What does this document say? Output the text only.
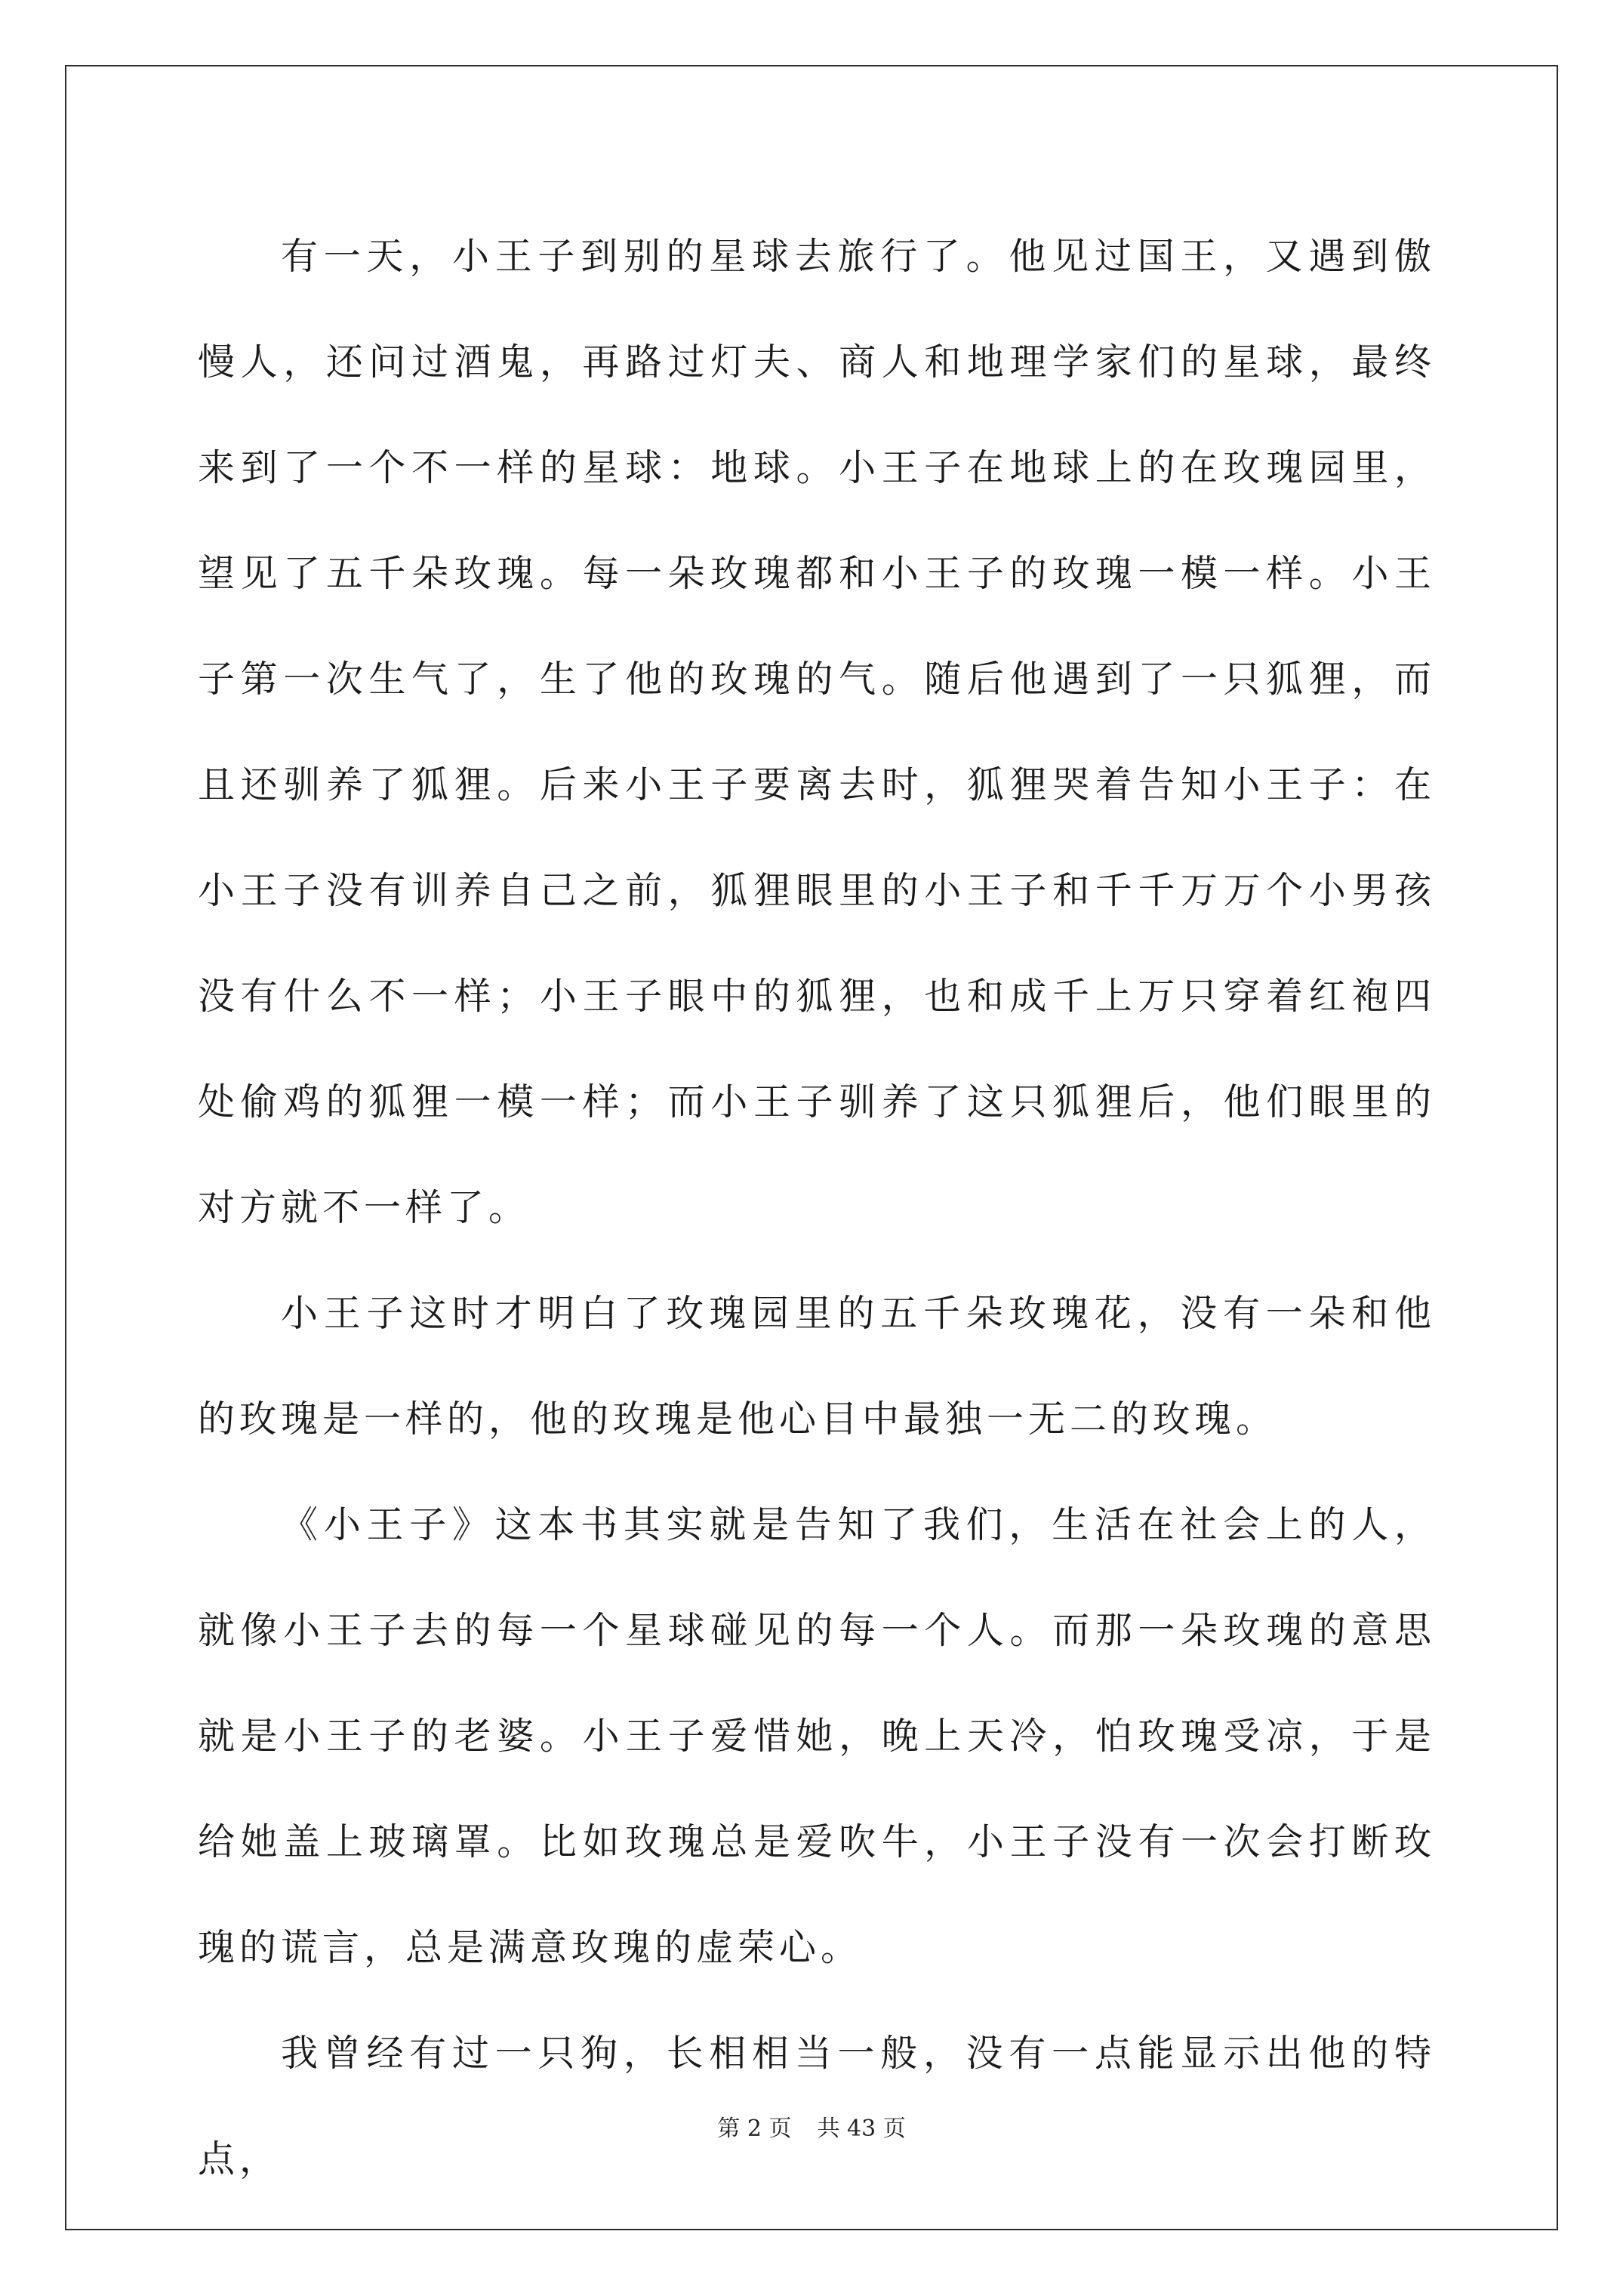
有一天，小王子到别的星球去旅行了。他见过国王，又遇到傲慢人，还问过酒鬼，再路过灯夫、商人和地理学家们的星球，最终来到了一个不一样的星球：地球。小王子在地球上的在玫瑰园里，望见了五千朵玫瑰。每一朵玫瑰都和小王子的玫瑰一模一样。小王子第一次生气了，生了他的玫瑰的气。随后他遇到了一只狐狸，而且还驯养了狐狸。后来小王子要离去时，狐狸哭着告知小王子：在小王子没有训养自己之前，狐狸眼里的小王子和千千万万个小男孩没有什么不一样；小王子眼中的狐狸，也和成千上万只穿着红袍四处偷鸡的狐狸一模一样；而小王子驯养了这只狐狸后，他们眼里的对方就不一样了。

小王子这时才明白了玫瑰园里的五千朵玫瑰花，没有一朵和他的玫瑰是一样的，他的玫瑰是他心目中最独一无二的玫瑰。

《小王子》这本书其实就是告知了我们，生活在社会上的人，就像小王子去的每一个星球碰见的每一个人。而那一朵玫瑰的意思就是小王子的老婆。小王子爱惜她，晚上天冷，怕玫瑰受凉，于是给她盖上玻璃罩。比如玫瑰总是爱吹牛，小王子没有一次会打断玫瑰的谎言，总是满意玫瑰的虚荣心。

我曾经有过一只狗，长相相当一般，没有一点能显示出他的特点，

第 2 页 共 43 页
